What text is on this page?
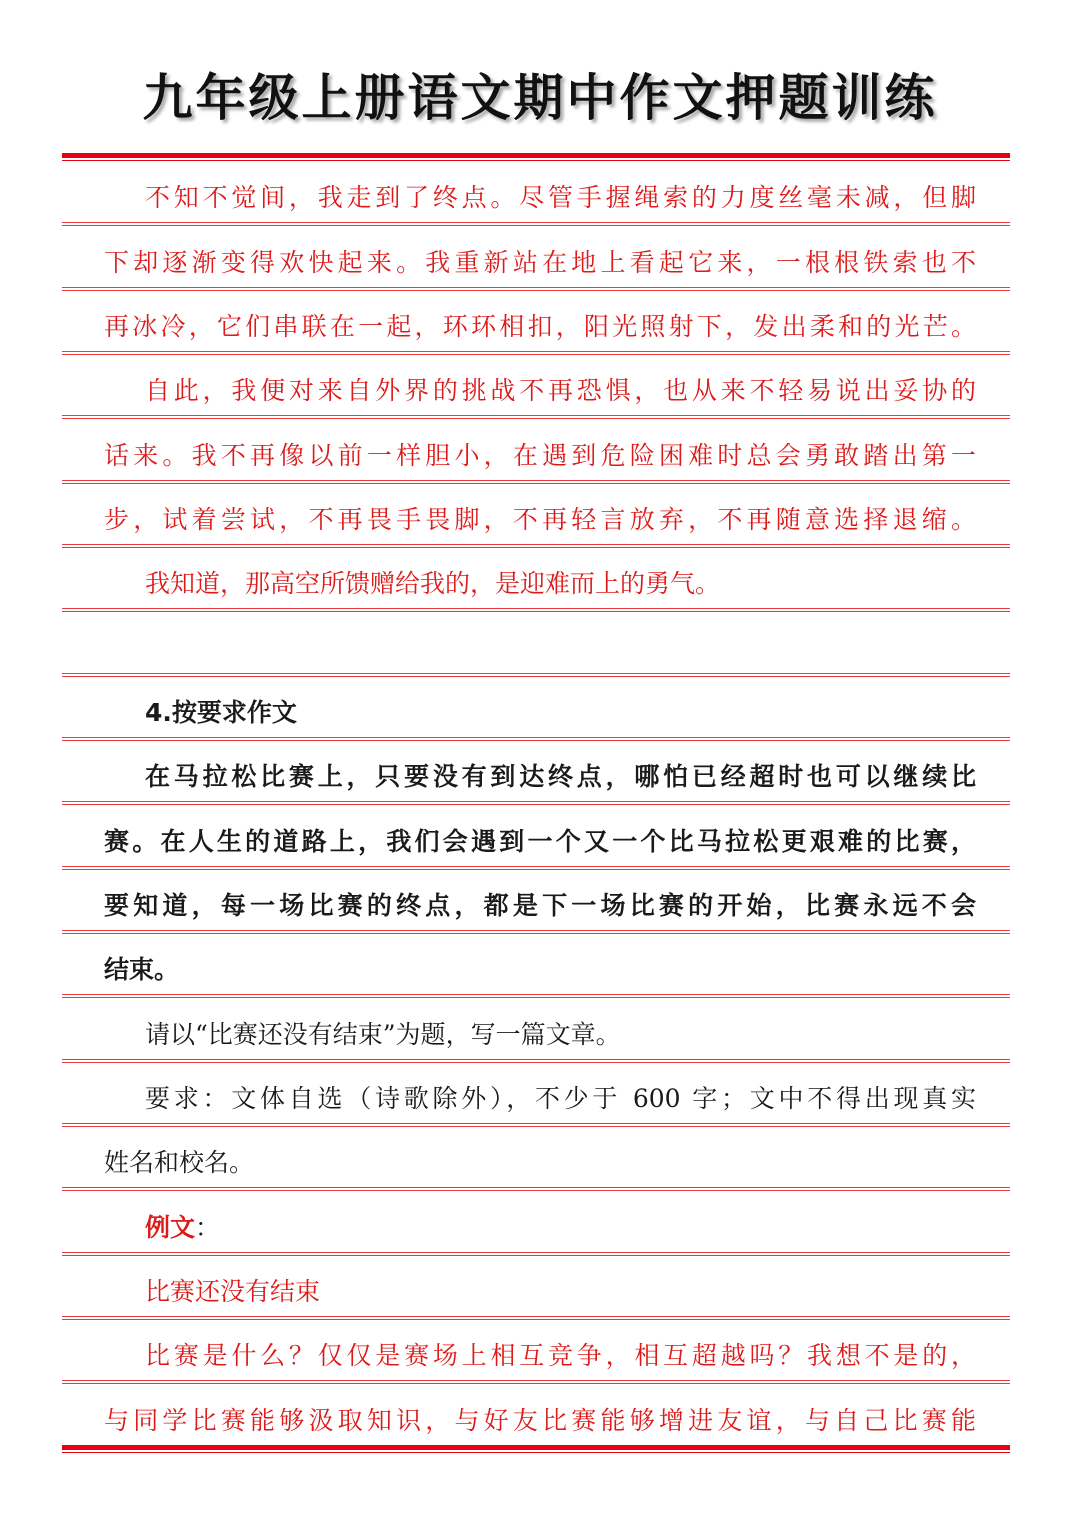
九年级上册语文期中作文押题训练
不知不觉间，我走到了终点。尽管手握绳索的力度丝毫未减，但脚
下却逐渐变得欢快起来。我重新站在地上看起它来，一根根铁索也不
再冰冷，它们串联在一起，环环相扣，阳光照射下，发出柔和的光芒。
自此，我便对来自外界的挑战不再恐惧，也从来不轻易说出妥协的
话来。我不再像以前一样胆小，在遇到危险困难时总会勇敢踏出第一
步，试着尝试，不再畏手畏脚，不再轻言放弃，不再随意选择退缩。
我知道，那高空所馈赠给我的，是迎难而上的勇气。
4.按要求作文
在马拉松比赛上，只要没有到达终点，哪怕已经超时也可以继续比
赛。在人生的道路上，我们会遇到一个又一个比马拉松更艰难的比赛，
要知道，每一场比赛的终点，都是下一场比赛的开始，比赛永远不会
结束。
请以“比赛还没有结束”为题，写一篇文章。
要求：文体自选（诗歌除外），不少于 600 字；文中不得出现真实
姓名和校名。
例文：
比赛还没有结束
比赛是什么？仅仅是赛场上相互竞争，相互超越吗？我想不是的，
与同学比赛能够汲取知识，与好友比赛能够增进友谊，与自己比赛能
